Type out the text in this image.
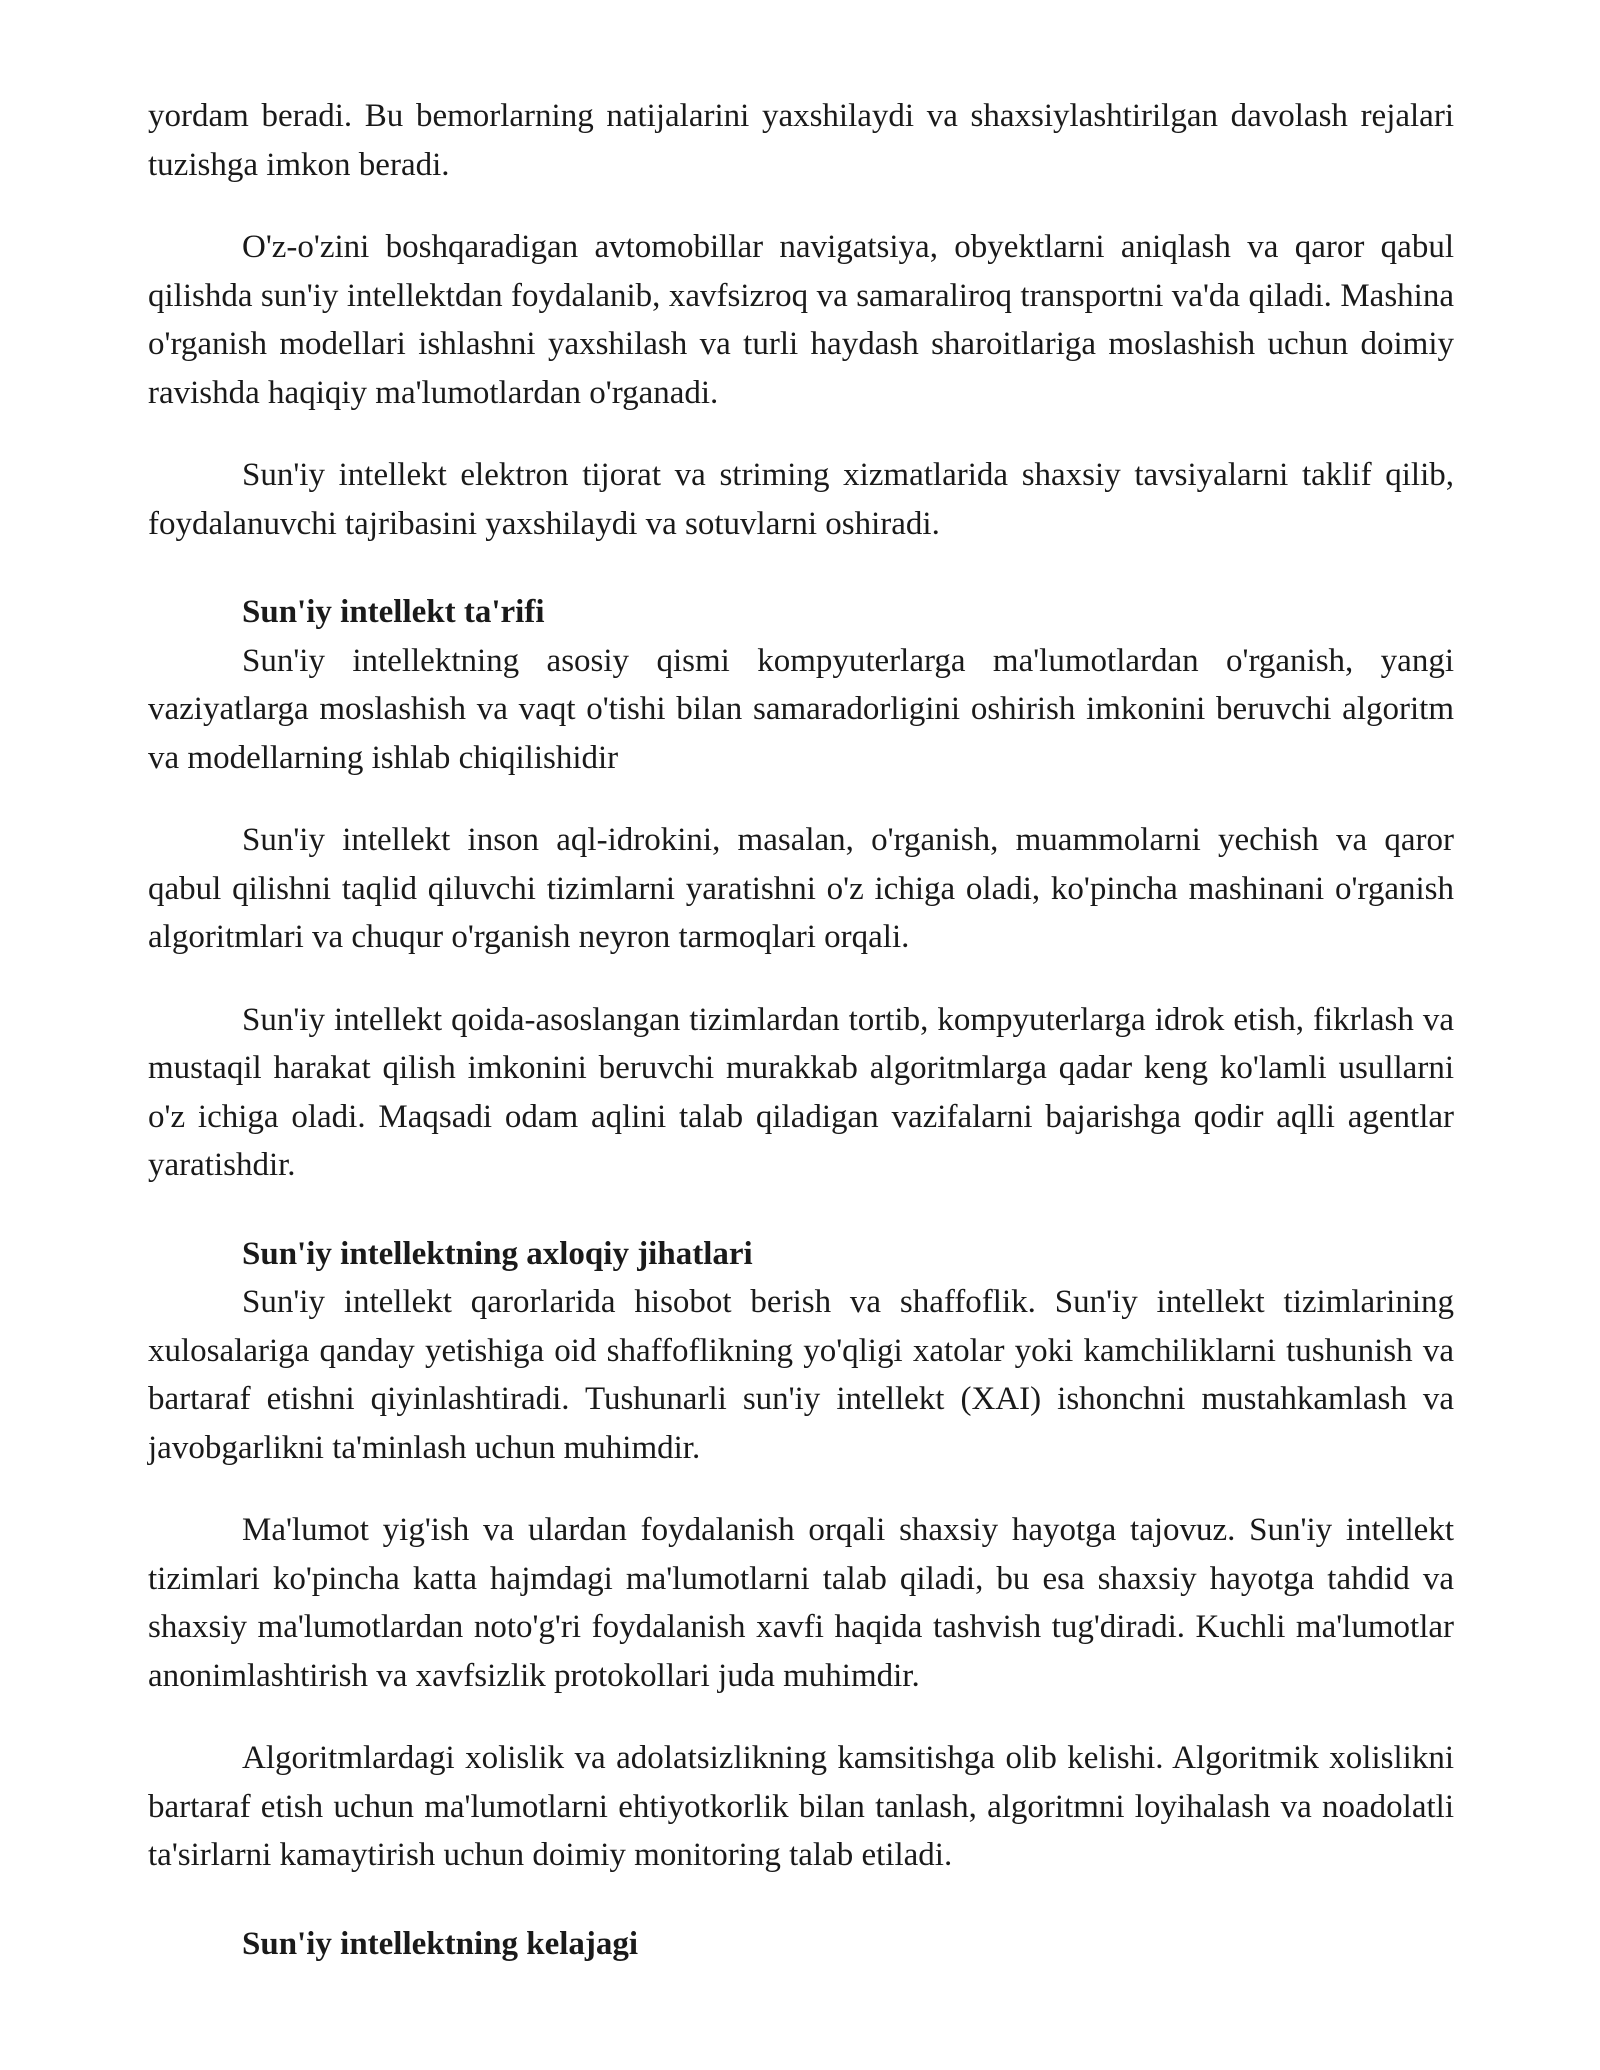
yordam beradi. Bu bemorlarning natijalarini yaxshilaydi va shaxsiylashtirilgan davolash rejalari tuzishga imkon beradi.

O'z-o'zini boshqaradigan avtomobillar navigatsiya, obyektlarni aniqlash va qaror qabul qilishda sun'iy intellektdan foydalanib, xavfsizroq va samaraliroq transportni va'da qiladi. Mashina o'rganish modellari ishlashni yaxshilash va turli haydash sharoitlariga moslashish uchun doimiy ravishda haqiqiy ma'lumotlardan o'rganadi.

Sun'iy intellekt elektron tijorat va striming xizmatlarida shaxsiy tavsiyalarni taklif qilib, foydalanuvchi tajribasini yaxshilaydi va sotuvlarni oshiradi.

Sun'iy intellekt ta'rifi

Sun'iy intellektning asosiy qismi kompyuterlarga ma'lumotlardan o'rganish, yangi vaziyatlarga moslashish va vaqt o'tishi bilan samaradorligini oshirish imkonini beruvchi algoritm va modellarning ishlab chiqilishidir

Sun'iy intellekt inson aql-idrokini, masalan, o'rganish, muammolarni yechish va qaror qabul qilishni taqlid qiluvchi tizimlarni yaratishni o'z ichiga oladi, ko'pincha mashinani o'rganish algoritmlari va chuqur o'rganish neyron tarmoqlari orqali.

Sun'iy intellekt qoida-asoslangan tizimlardan tortib, kompyuterlarga idrok etish, fikrlash va mustaqil harakat qilish imkonini beruvchi murakkab algoritmlarga qadar keng ko'lamli usullarni o'z ichiga oladi. Maqsadi odam aqlini talab qiladigan vazifalarni bajarishga qodir aqlli agentlar yaratishdir.

Sun'iy intellektning axloqiy jihatlari

Sun'iy intellekt qarorlarida hisobot berish va shaffoflik. Sun'iy intellekt tizimlarining xulosalariga qanday yetishiga oid shaffoflikning yo'qligi xatolar yoki kamchiliklarni tushunish va bartaraf etishni qiyinlashtiradi. Tushunarli sun'iy intellekt (XAI) ishonchni mustahkamlash va javobgarlikni ta'minlash uchun muhimdir.

Ma'lumot yig'ish va ulardan foydalanish orqali shaxsiy hayotga tajovuz. Sun'iy intellekt tizimlari ko'pincha katta hajmdagi ma'lumotlarni talab qiladi, bu esa shaxsiy hayotga tahdid va shaxsiy ma'lumotlardan noto'g'ri foydalanish xavfi haqida tashvish tug'diradi. Kuchli ma'lumotlar anonimlashtirish va xavfsizlik protokollari juda muhimdir.

Algoritmlardagi xolislik va adolatsizlikning kamsitishga olib kelishi. Algoritmik xolislikni bartaraf etish uchun ma'lumotlarni ehtiyotkorlik bilan tanlash, algoritmni loyihalash va noadolatli ta'sirlarni kamaytirish uchun doimiy monitoring talab etiladi.

Sun'iy intellektning kelajagi
